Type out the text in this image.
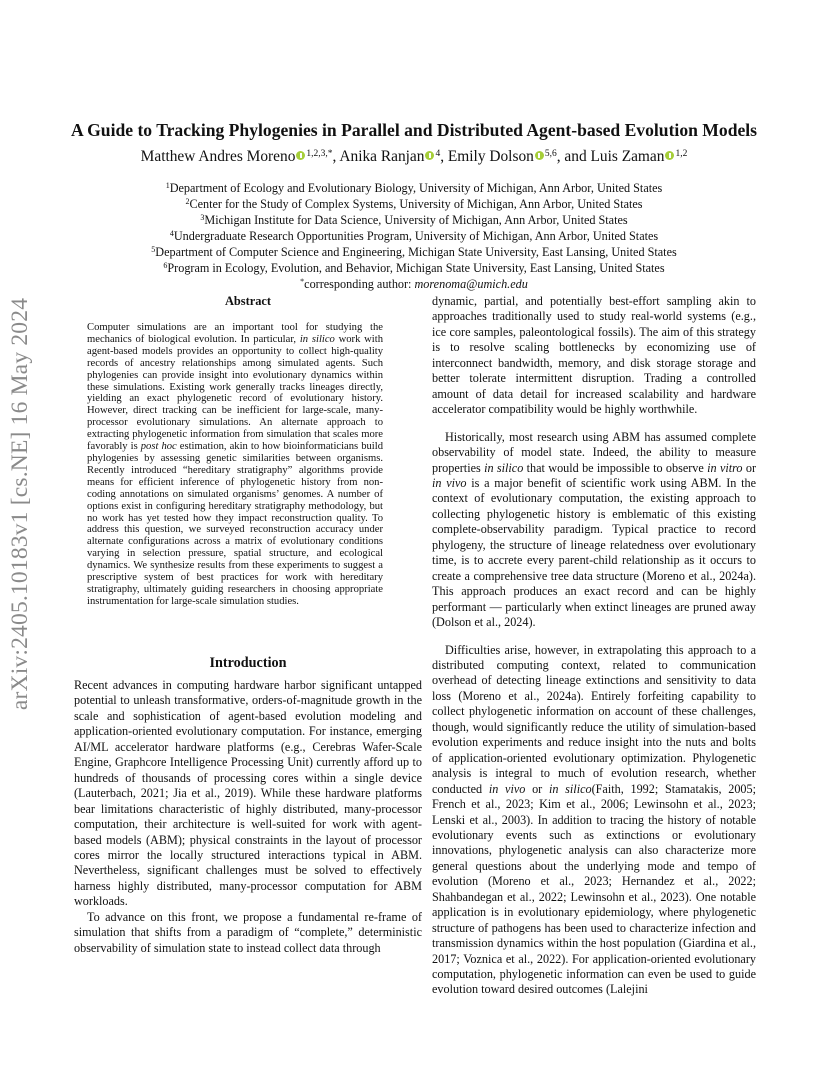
arXiv:2405.10183v1 [cs.NE] 16 May 2024
A Guide to Tracking Phylogenies in Parallel and Distributed Agent-based Evolution Models
Matthew Andres Moreno $^{1,2,3,*}$, Anika Ranjan $^4$, Emily Dolson $^{5,6}$, and Luis Zaman $^{1,2}$
$^1$Department of Ecology and Evolutionary Biology, University of Michigan, Ann Arbor, United States
$^2$Center for the Study of Complex Systems, University of Michigan, Ann Arbor, United States
$^3$Michigan Institute for Data Science, University of Michigan, Ann Arbor, United States
$^4$Undergraduate Research Opportunities Program, University of Michigan, Ann Arbor, United States
$^5$Department of Computer Science and Engineering, Michigan State University, East Lansing, United States
$^6$Program in Ecology, Evolution, and Behavior, Michigan State University, East Lansing, United States
*corresponding author: morenoma@umich.edu
Abstract
Computer simulations are an important tool for studying the mechanics of biological evolution. In particular, in silico work with agent-based models provides an opportunity to collect high-quality records of ancestry relationships among simulated agents. Such phylogenies can provide insight into evolutionary dynamics within these simulations. Existing work generally tracks lineages directly, yielding an exact phylogenetic record of evolutionary history. However, direct tracking can be inefficient for large-scale, many-processor evolutionary simulations. An alternate approach to extracting phylogenetic information from simulation that scales more favorably is post hoc estimation, akin to how bioinformaticians build phylogenies by assessing genetic similarities between organisms. Recently introduced “hereditary stratigraphy” algorithms provide means for efficient inference of phylogenetic history from non-coding annotations on simulated organisms’ genomes. A number of options exist in configuring hereditary stratigraphy methodology, but no work has yet tested how they impact reconstruction quality. To address this question, we surveyed reconstruction accuracy under alternate configurations across a matrix of evolutionary conditions varying in selection pressure, spatial structure, and ecological dynamics. We synthesize results from these experiments to suggest a prescriptive system of best practices for work with hereditary stratigraphy, ultimately guiding researchers in choosing appropriate instrumentation for large-scale simulation studies.
Introduction

Recent advances in computing hardware harbor significant untapped potential to unleash transformative, orders-of-magnitude growth in the scale and sophistication of agent-based evolution modeling and application-oriented evolutionary computation. For instance, emerging AI/ML accelerator hardware platforms (e.g., Cerebras Wafer-Scale Engine, Graphcore Intelligence Processing Unit) currently afford up to hundreds of thousands of processing cores within a single device (Lauterbach, 2021; Jia et al., 2019). While these hardware platforms bear limitations characteristic of highly distributed, many-processor computation, their architecture is well-suited for work with agent-based models (ABM); physical constraints in the layout of processor cores mirror the locally structured interactions typical in ABM. Nevertheless, significant challenges must be solved to effectively harness highly distributed, many-processor computation for ABM workloads.

To advance on this front, we propose a fundamental re-frame of simulation that shifts from a paradigm of “complete,” deterministic observability of simulation state to instead collect data through

dynamic, partial, and potentially best-effort sampling akin to approaches traditionally used to study real-world systems (e.g., ice core samples, paleontological fossils). The aim of this strategy is to resolve scaling bottlenecks by economizing use of interconnect bandwidth, memory, and disk storage storage and better tolerate intermittent disruption. Trading a controlled amount of data detail for increased scalability and hardware accelerator compatibility would be highly worthwhile.

Historically, most research using ABM has assumed complete observability of model state. Indeed, the ability to measure properties in silico that would be impossible to observe in vitro or in vivo is a major benefit of scientific work using ABM. In the context of evolutionary computation, the existing approach to collecting phylogenetic history is emblematic of this existing complete-observability paradigm. Typical practice to record phylogeny, the structure of lineage relatedness over evolutionary time, is to accrete every parent-child relationship as it occurs to create a comprehensive tree data structure (Moreno et al., 2024a). This approach produces an exact record and can be highly performant — particularly when extinct lineages are pruned away (Dolson et al., 2024).

Difficulties arise, however, in extrapolating this approach to a distributed computing context, related to communication overhead of detecting lineage extinctions and sensitivity to data loss (Moreno et al., 2024a). Entirely forfeiting capability to collect phylogenetic information on account of these challenges, though, would significantly reduce the utility of simulation-based evolution experiments and reduce insight into the nuts and bolts of application-oriented evolutionary optimization. Phylogenetic analysis is integral to much of evolution research, whether conducted in vivo or in silico(Faith, 1992; Stamatakis, 2005; French et al., 2023; Kim et al., 2006; Lewinsohn et al., 2023; Lenski et al., 2003). In addition to tracing the history of notable evolutionary events such as extinctions or evolutionary innovations, phylogenetic analysis can also characterize more general questions about the underlying mode and tempo of evolution (Moreno et al., 2023; Hernandez et al., 2022; Shahbandegan et al., 2022; Lewinsohn et al., 2023). One notable application is in evolutionary epidemiology, where phylogenetic structure of pathogens has been used to characterize infection and transmission dynamics within the host population (Giardina et al., 2017; Voznica et al., 2022). For application-oriented evolutionary computation, phylogenetic information can even be used to guide evolution toward desired outcomes (Lalejini
